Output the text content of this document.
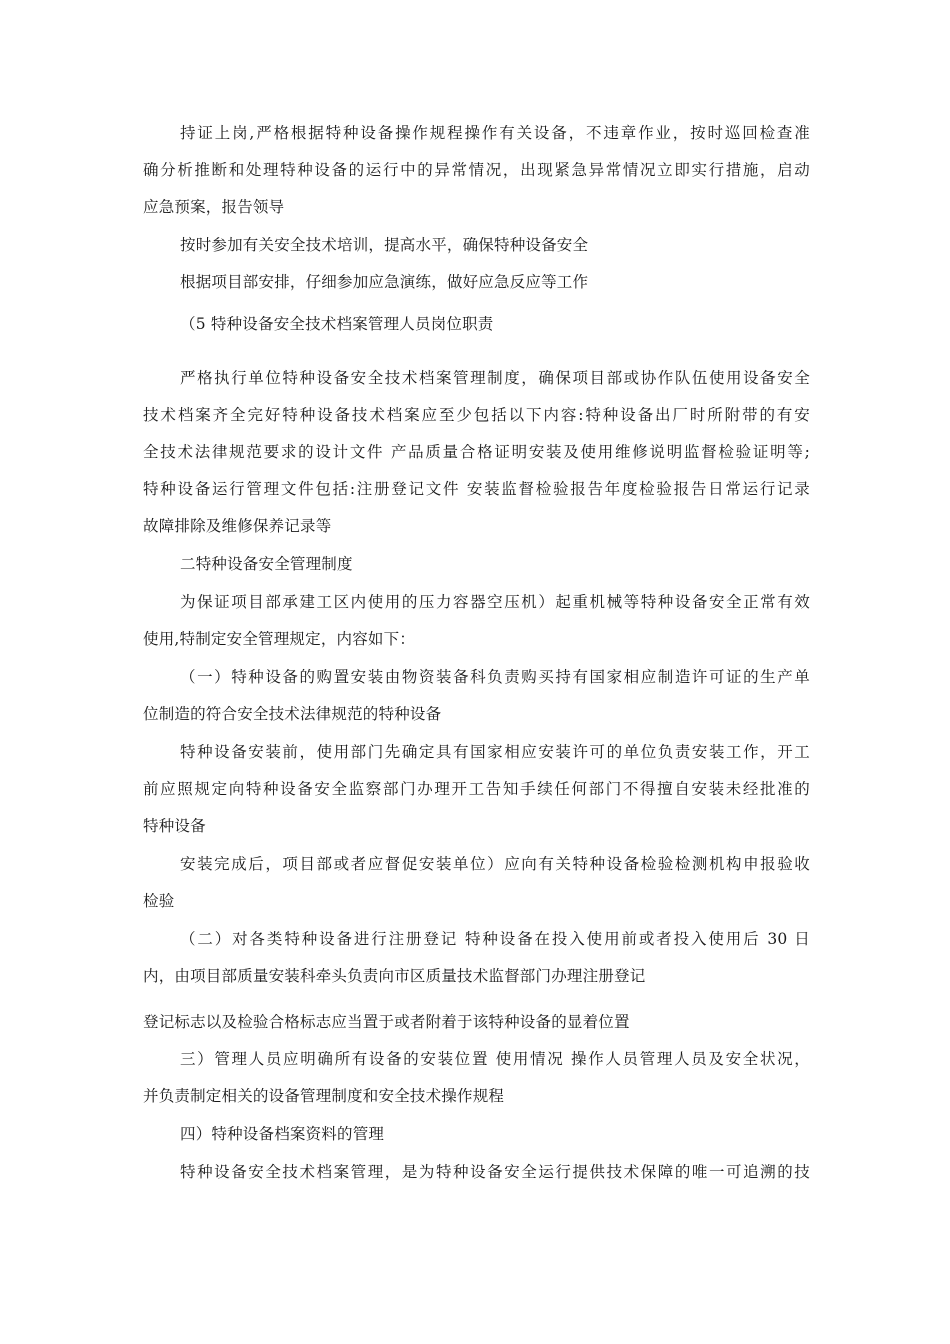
持证上岗,严格根据特种设备操作规程操作有关设备，不违章作业，按时巡回检查准
确分析推断和处理特种设备的运行中的异常情况，出现紧急异常情况立即实行措施，启动
应急预案，报告领导
按时参加有关安全技术培训，提高水平，确保特种设备安全
根据项目部安排，仔细参加应急演练，做好应急反应等工作
（5 特种设备安全技术档案管理人员岗位职责
严格执行单位特种设备安全技术档案管理制度，确保项目部或协作队伍使用设备安全
技术档案齐全完好特种设备技术档案应至少包括以下内容:特种设备出厂时所附带的有安
全技术法律规范要求的设计文件 产品质量合格证明安装及使用维修说明监督检验证明等;
特种设备运行管理文件包括:注册登记文件 安装监督检验报告年度检验报告日常运行记录
故障排除及维修保养记录等
二特种设备安全管理制度
为保证项目部承建工区内使用的压力容器空压机）起重机械等特种设备安全正常有效
使用,特制定安全管理规定，内容如下：
（一）特种设备的购置安装由物资装备科负责购买持有国家相应制造许可证的生产单
位制造的符合安全技术法律规范的特种设备
特种设备安装前，使用部门先确定具有国家相应安装许可的单位负责安装工作，开工
前应照规定向特种设备安全监察部门办理开工告知手续任何部门不得擅自安装未经批准的
特种设备
安装完成后，项目部或者应督促安装单位）应向有关特种设备检验检测机构申报验收
检验
（二）对各类特种设备进行注册登记 特种设备在投入使用前或者投入使用后 30 日
内，由项目部质量安装科牵头负责向市区质量技术监督部门办理注册登记
登记标志以及检验合格标志应当置于或者附着于该特种设备的显着位置
三）管理人员应明确所有设备的安装位置 使用情况 操作人员管理人员及安全状况，
并负责制定相关的设备管理制度和安全技术操作规程
四）特种设备档案资料的管理
特种设备安全技术档案管理，是为特种设备安全运行提供技术保障的唯一可追溯的技
